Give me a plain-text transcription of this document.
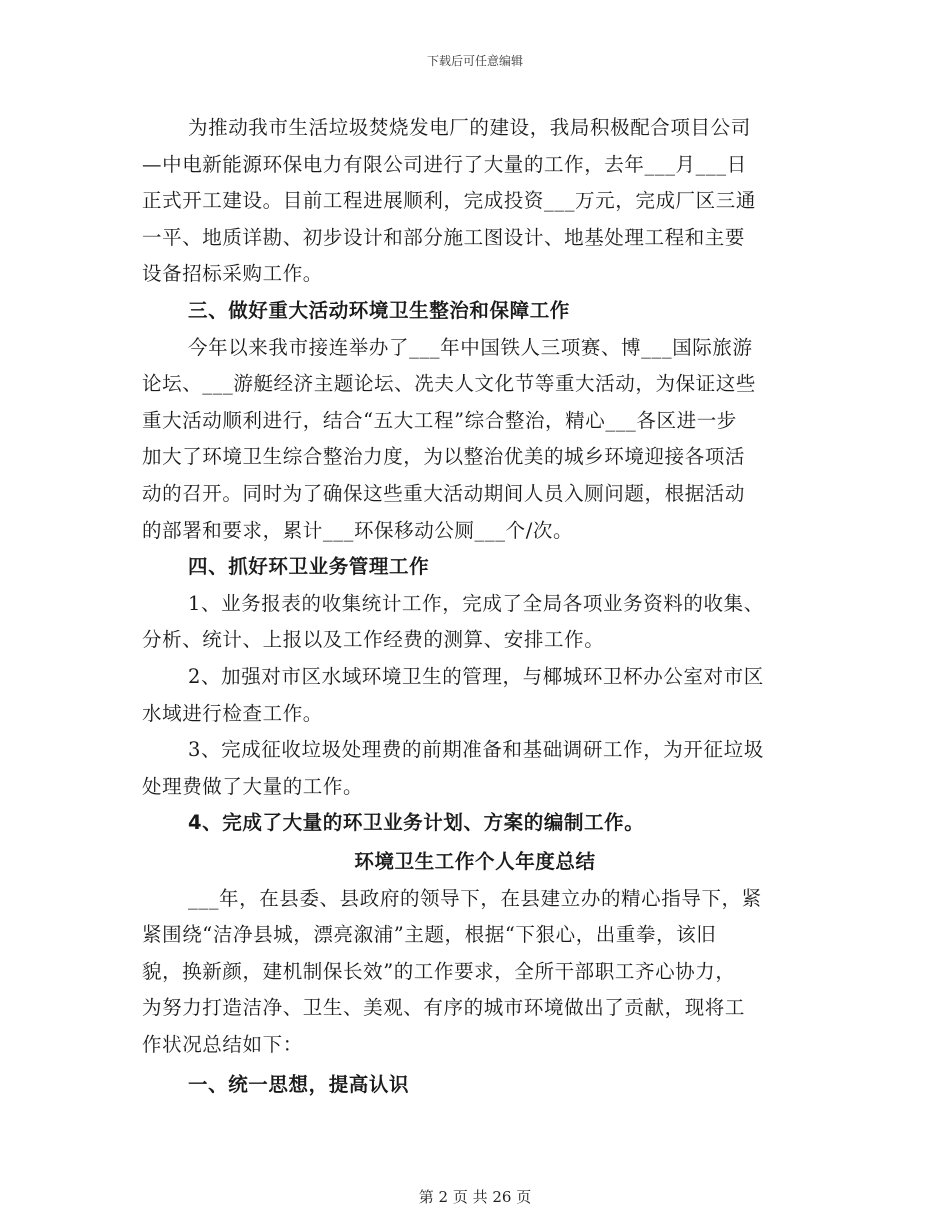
下载后可任意编辑
为推动我市生活垃圾焚烧发电厂的建设，我局积极配合项目公司
—中电新能源环保电力有限公司进行了大量的工作，去年___月___日
正式开工建设。目前工程进展顺利，完成投资___万元，完成厂区三通
一平、地质详勘、初步设计和部分施工图设计、地基处理工程和主要
设备招标采购工作。
三、做好重大活动环境卫生整治和保障工作
今年以来我市接连举办了___年中国铁人三项赛、博___国际旅游
论坛、___游艇经济主题论坛、冼夫人文化节等重大活动，为保证这些
重大活动顺利进行，结合“五大工程”综合整治，精心___各区进一步
加大了环境卫生综合整治力度，为以整治优美的城乡环境迎接各项活
动的召开。同时为了确保这些重大活动期间人员入厕问题，根据活动
的部署和要求，累计___环保移动公厕___个/次。
四、抓好环卫业务管理工作
1、业务报表的收集统计工作，完成了全局各项业务资料的收集、
分析、统计、上报以及工作经费的测算、安排工作。
2、加强对市区水域环境卫生的管理，与椰城环卫杯办公室对市区
水域进行检查工作。
3、完成征收垃圾处理费的前期准备和基础调研工作，为开征垃圾
处理费做了大量的工作。
4、完成了大量的环卫业务计划、方案的编制工作。
环境卫生工作个人年度总结
___年，在县委、县政府的领导下，在县建立办的精心指导下，紧
紧围绕“洁净县城，漂亮溆浦”主题，根据“下狠心，出重拳，该旧
貌，换新颜，建机制保长效”的工作要求，全所干部职工齐心协力，
为努力打造洁净、卫生、美观、有序的城市环境做出了贡献，现将工
作状况总结如下：
一、统一思想，提高认识
第 2 页 共 26 页
